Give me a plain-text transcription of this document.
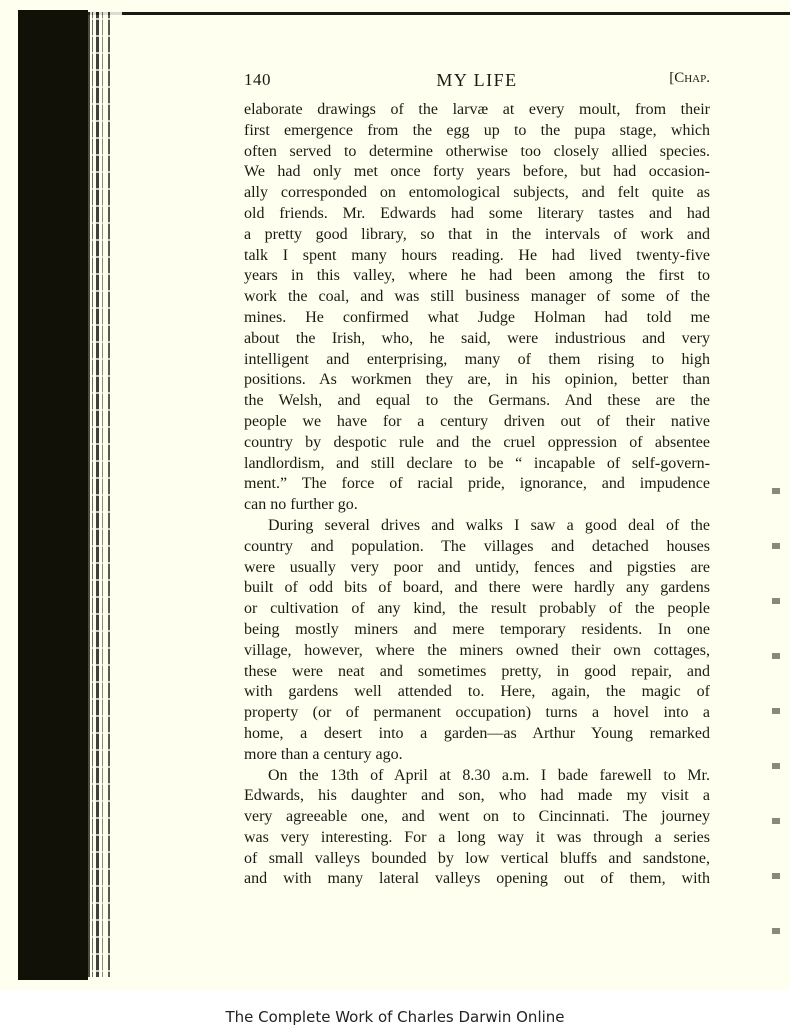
140	MY LIFE	[Chap.
elaborate drawings of the larvæ at every moult, from their
first emergence from the egg up to the pupa stage, which
often served to determine otherwise too closely allied species.
We had only met once forty years before, but had occasion-
ally corresponded on entomological subjects, and felt quite as
old friends. Mr. Edwards had some literary tastes and had
a pretty good library, so that in the intervals of work and
talk I spent many hours reading. He had lived twenty-five
years in this valley, where he had been among the first to
work the coal, and was still business manager of some of the
mines. He confirmed what Judge Holman had told me
about the Irish, who, he said, were industrious and very
intelligent and enterprising, many of them rising to high
positions. As workmen they are, in his opinion, better than
the Welsh, and equal to the Germans. And these are the
people we have for a century driven out of their native
country by despotic rule and the cruel oppression of absentee
landlordism, and still declare to be “ incapable of self-govern-
ment.” The force of racial pride, ignorance, and impudence
can no further go.
During several drives and walks I saw a good deal of the
country and population. The villages and detached houses
were usually very poor and untidy, fences and pigsties are
built of odd bits of board, and there were hardly any gardens
or cultivation of any kind, the result probably of the people
being mostly miners and mere temporary residents. In one
village, however, where the miners owned their own cottages,
these were neat and sometimes pretty, in good repair, and
with gardens well attended to. Here, again, the magic of
property (or of permanent occupation) turns a hovel into a
home, a desert into a garden—as Arthur Young remarked
more than a century ago.
On the 13th of April at 8.30 a.m. I bade farewell to Mr.
Edwards, his daughter and son, who had made my visit a
very agreeable one, and went on to Cincinnati. The journey
was very interesting. For a long way it was through a series
of small valleys bounded by low vertical bluffs and sandstone,
and with many lateral valleys opening out of them, with
The Complete Work of Charles Darwin Online
